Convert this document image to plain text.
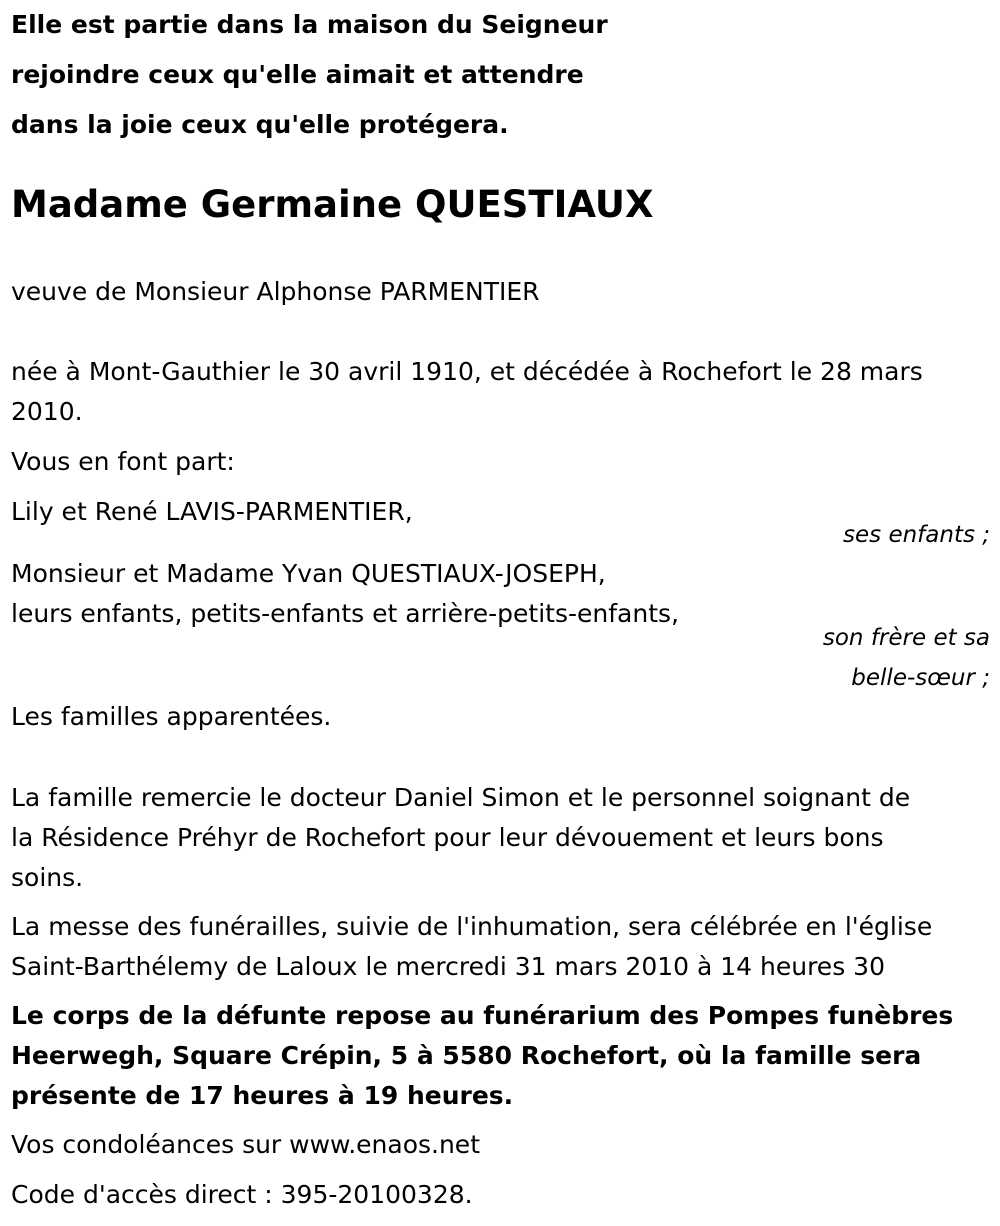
Elle est partie dans la maison du Seigneur
rejoindre ceux qu'elle aimait et attendre
dans la joie ceux qu'elle protégera.
Madame Germaine QUESTIAUX
veuve de Monsieur Alphonse PARMENTIER
née à Mont-Gauthier le 30 avril 1910, et décédée à Rochefort le 28 mars
2010.
Vous en font part:
Lily et René LAVIS-PARMENTIER,
ses enfants ;
Monsieur et Madame Yvan QUESTIAUX-JOSEPH,
leurs enfants, petits-enfants et arrière-petits-enfants,
son frère et sa
belle-sœur ;
Les familles apparentées.
La famille remercie le docteur Daniel Simon et le personnel soignant de
la Résidence Préhyr de Rochefort pour leur dévouement et leurs bons
soins.
La messe des funérailles, suivie de l'inhumation, sera célébrée en l'église
Saint-Barthélemy de Laloux le mercredi 31 mars 2010 à 14 heures 30
Le corps de la défunte repose au funérarium des Pompes funèbres
Heerwegh, Square Crépin, 5 à 5580 Rochefort, où la famille sera
présente de 17 heures à 19 heures.
Vos condoléances sur www.enaos.net
Code d'accès direct : 395-20100328.
